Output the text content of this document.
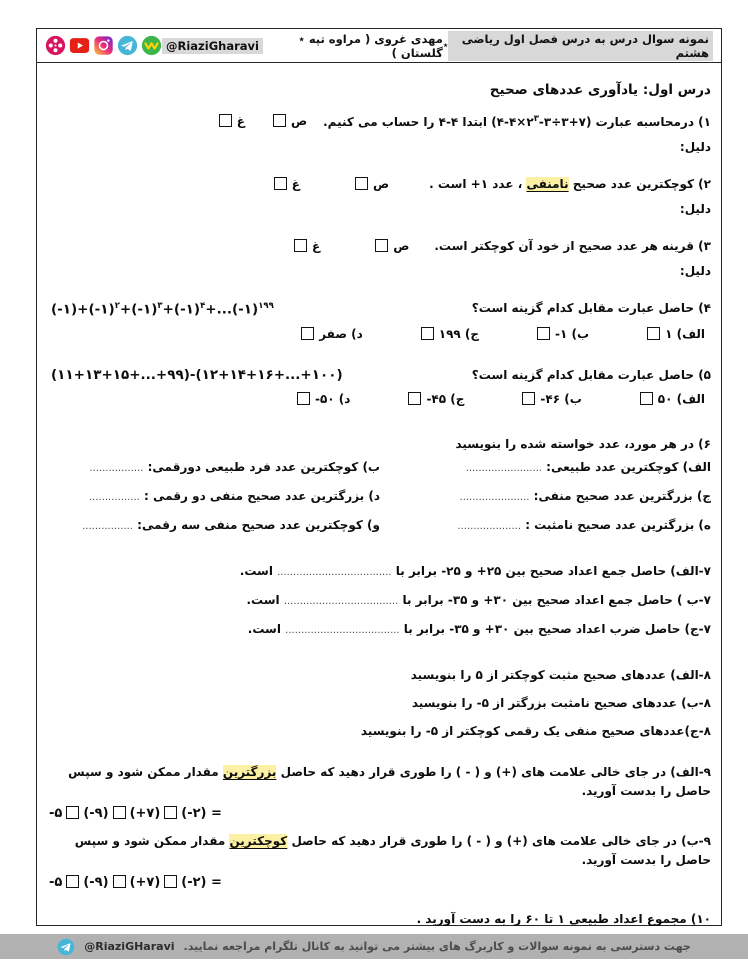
نمونه سوال درس به درس فصل اول ریاضی هشتم
٭
مهدی غروی ( مراوه تپه ٭ گلستان )
@RiaziGharavi
درس اول: یادآوری عددهای صحیح
۱) درمحاسبه عبارت $(۴-۴\times ۲^۳-۳\div ۳+۷)$ ابتدا ۴-۴ را حساب می کنیم.
ص
غ
دلیل:
۲) کوچکترین عدد صحیح نامنفی ، عدد ۱+ است .
ص
غ
دلیل:
۳) قرینه هر عدد صحیح از خود آن کوچکتر است.
ص
غ
دلیل:
۴) حاصل عبارت مقابل کدام گزینه است؟
(-۱)+(-۱)$^۲$+(-۱)$^۳$+(-۱)$^۴$+...(-۱)$^{۱۹۹}$
الف) ۱
ب) ۱-
ج) ۱۹۹
د) صفر
۵) حاصل عبارت مقابل کدام گزینه است؟
(۱۱+۱۳+۱۵+...+۹۹)-(۱۲+۱۴+۱۶+...+۱۰۰)
الف) ۵۰
ب) ۴۶-
ج) ۴۵-
د) ۵۰-
۶) در هر مورد، عدد خواسته شده را بنویسید
الف) کوچکترین عدد طبیعی: ........................
ب) کوچکترین عدد فرد طبیعی دورقمی: .................
ج) بزرگترین عدد صحیح منفی: ......................
د) بزرگترین عدد صحیح منفی دو رقمی : ................
ه) بزرگترین عدد صحیح نامثبت : ....................
و) کوچکترین عدد صحیح منفی سه رقمی: ................
۷-الف) حاصل جمع اعداد صحیح بین ۲۵+ و ۲۵- برابر با .................................... است.
۷-ب ) حاصل جمع اعداد صحیح بین ۳۰+ و ۳۵- برابر با .................................... است.
۷-ج) حاصل ضرب اعداد صحیح بین ۳۰+ و ۳۵- برابر با .................................... است.
۸-الف) عددهای صحیح مثبت کوچکتر از ۵ را بنویسید
۸-ب) عددهای صحیح نامثبت بزرگتر از ۵- را بنویسید
۸-ج)عددهای صحیح منفی یک رقمی کوچکتر از ۵- را بنویسید
۹-الف) در جای خالی علامت های (+) و ( - ) را طوری قرار دهید که حاصل بزرگترین مقدار ممکن شود و سپس حاصل را بدست آورید.
-۵ (-۹) (+۷) (-۲) =
۹-ب) در جای خالی علامت های (+) و ( - ) را طوری قرار دهید که حاصل کوچکترین مقدار ممکن شود و سپس حاصل را بدست آورید.
-۵ (-۹) (+۷) (-۲) =
۱۰) مجموع اعداد طبیعی ۱ تا ۶۰ را به دست آورید .
جهت دسترسی به نمونه سوالات و کاربرگ های بیشتر می توانید به کانال تلگرام مراجعه نمایید.
@RiaziGHaravi
